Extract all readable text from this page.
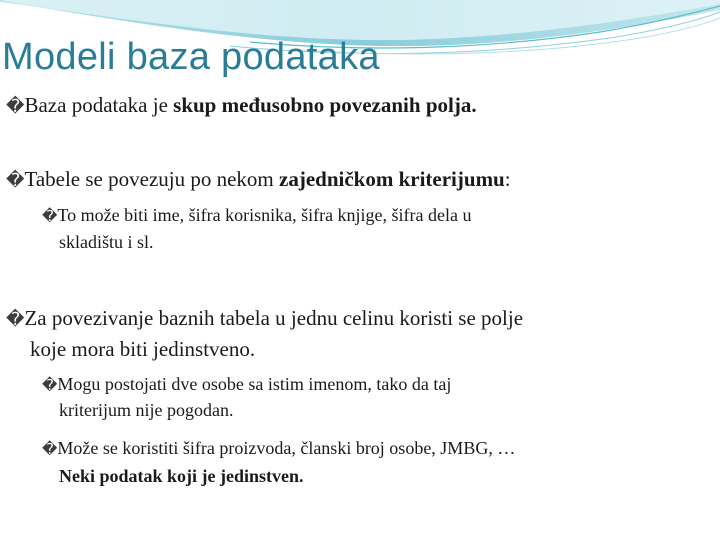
Modeli baza podataka
�Baza podataka je skup međusobno povezanih polja.
�Tabele se povezuju po nekom zajedničkom kriterijumu:
�To može biti ime, šifra korisnika, šifra knjige, šifra dela u
skladištu i sl.
�Za povezivanje baznih tabela u jednu celinu koristi se polje
koje mora biti jedinstveno.
�Mogu postojati dve osobe sa istim imenom, tako da taj
kriterijum nije pogodan.
�Može se koristiti šifra proizvoda, članski broj osobe, JMBG, …
Neki podatak koji je jedinstven.
